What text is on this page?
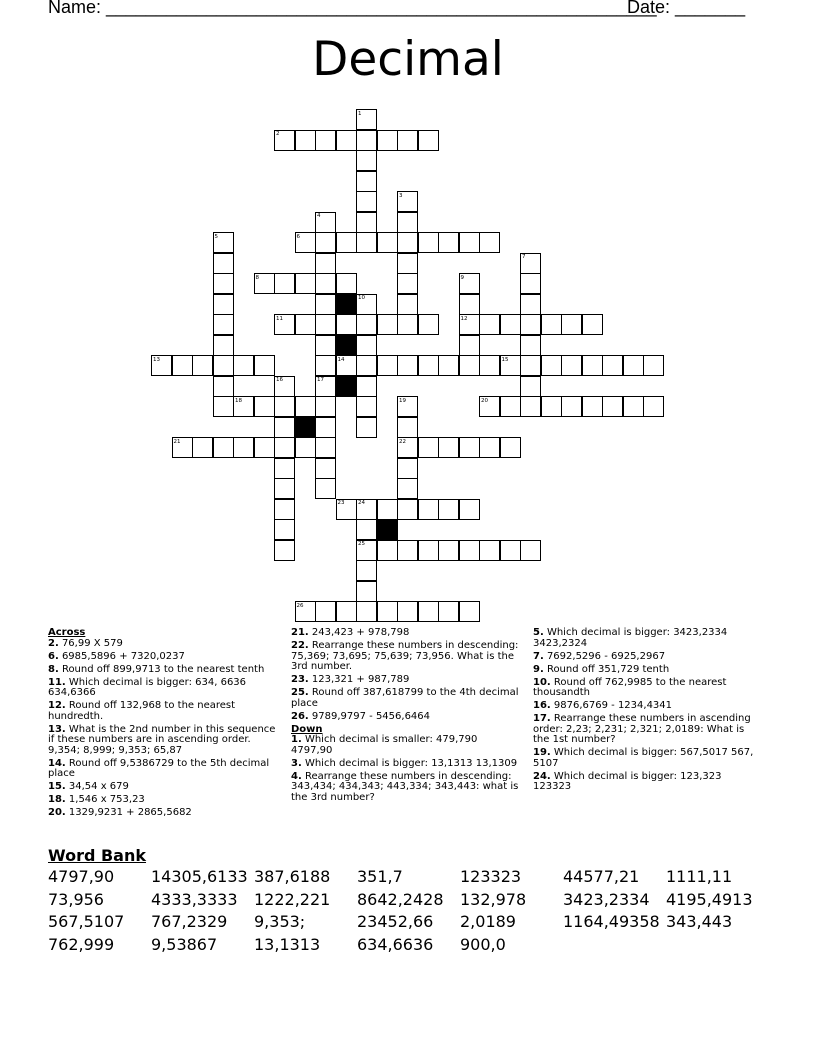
Name: _______________________________________________________
Date: _______
Decimal
1
2
3
4
5	6
7
8	9
10
11	12
13	14	15
16	17
18	19	20
21	22
23 24
25
26
Across
2. 76,99 X 579
6. 6985,5896 + 7320,0237
8. Round off 899,9713 to the nearest tenth
11. Which decimal is bigger: 634, 6636 634,6366
12. Round off 132,968 to the nearest hundredth.
13. What is the 2nd number in this sequence if these numbers are in ascending order. 9,354; 8,999; 9,353; 65,87
14. Round off 9,5386729 to the 5th decimal place
15. 34,54 x 679
18. 1,546 x 753,23
20. 1329,9231 + 2865,5682
21. 243,423 + 978,798
22. Rearrange these numbers in descending: 75,369; 73,695; 75,639; 73,956. What is the 3rd number.
23. 123,321 + 987,789
25. Round off 387,618799 to the 4th decimal place
26. 9789,9797 - 5456,6464
Down
1. Which decimal is smaller: 479,790 4797,90
3. Which decimal is bigger: 13,1313 13,1309
4. Rearrange these numbers in descending: 343,434; 434,343; 443,334; 343,443: what is the 3rd number?
5. Which decimal is bigger: 3423,2334 3423,2324
7. 7692,5296 - 6925,2967
9. Round off 351,729 tenth
10. Round off 762,9985 to the nearest thousandth
16. 9876,6769 - 1234,4341
17. Rearrange these numbers in ascending order: 2,23; 2,231; 2,321; 2,0189: What is the 1st number?
19. Which decimal is bigger: 567,5017 567, 5107
24. Which decimal is bigger: 123,323 123323
Word Bank
4797,90	14305,6133 387,6188	351,7	123323	44577,21	1111,11
73,956	4333,3333	1222,221	8642,2428	132,978	3423,2334	4195,4913
567,5107	767,2329	9,353;	23452,66	2,0189	1164,49358 343,443
762,999	9,53867	13,1313	634,6636	900,0
